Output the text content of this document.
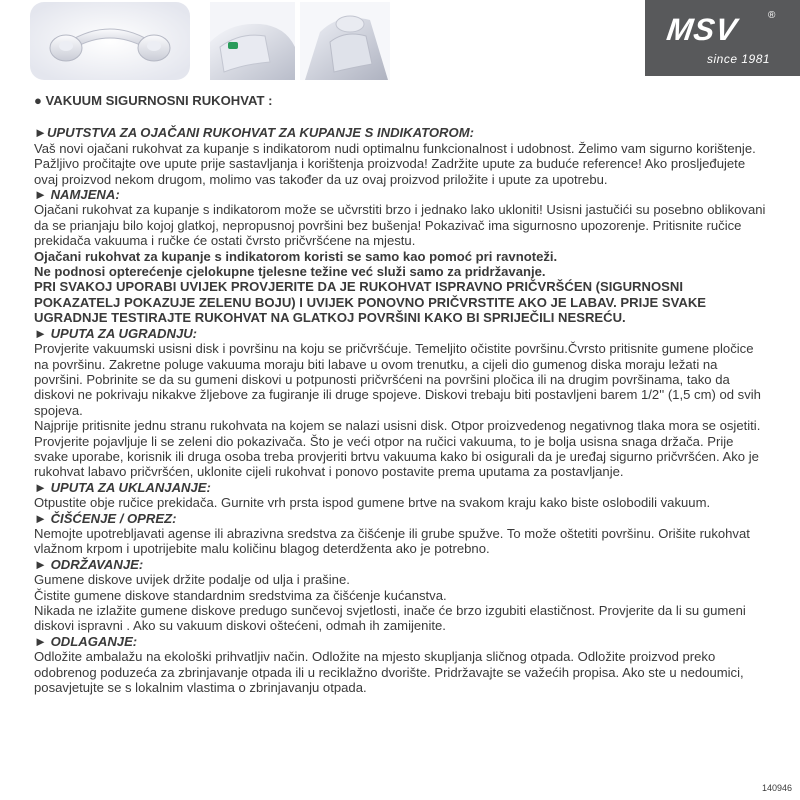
MSV	®
since 1981

● VAKUUM SIGURNOSNI RUKOHVAT :

►UPUTSTVA ZA OJAČANI RUKOHVAT ZA KUPANJE S INDIKATOROM:

Vaš novi ojačani rukohvat za kupanje s indikatorom nudi optimalnu funkcionalnost i udobnost. Želimo vam sigurno korištenje.

Pažljivo pročitajte ove upute prije sastavljanja i korištenja proizvoda! Zadržite upute za buduće reference! Ako prosljeđujete ovaj proizvod nekom drugom, molimo vas također da uz ovaj proizvod priložite i upute za upotrebu.

► NAMJENA:

Ojačani rukohvat za kupanje s indikatorom može se učvrstiti brzo i jednako lako ukloniti! Usisni jastučići su posebno oblikovani da se prianjaju bilo kojoj glatkoj, nepropusnoj površini bez bušenja! Pokazivač ima sigurnosno upozorenje. Pritisnite ručice prekidača vakuuma i ručke će ostati čvrsto pričvršćene na mjestu.

Ojačani rukohvat za kupanje s indikatorom koristi se samo kao pomoć pri ravnoteži.

Ne podnosi opterećenje cjelokupne tjelesne težine već služi samo za pridržavanje.

PRI SVAKOJ UPORABI UVIJEK PROVJERITE DA JE RUKOHVAT ISPRAVNO PRIČVRŠĆEN (SIGURNOSNI POKAZATELJ POKAZUJE ZELENU BOJU) I UVIJEK PONOVNO PRIČVRSTITE AKO JE LABAV. PRIJE SVAKE UGRADNJE TESTIRAJTE RUKOHVAT NA GLATKOJ POVRŠINI KAKO BI SPRIJEČILI NESREĆU.

► UPUTA ZA UGRADNJU:

Provjerite vakuumski usisni disk i površinu na koju se pričvršćuje. Temeljito očistite površinu.Čvrsto pritisnite gumene pločice na površinu. Zakretne poluge vakuuma moraju biti labave u ovom trenutku, a cijeli dio gumenog diska moraju ležati na površini. Pobrinite se da su gumeni diskovi u potpunosti pričvršćeni na površini pločica ili na drugim površinama, tako da diskovi ne pokrivaju nikakve žljebove za fugiranje ili druge spojeve. Diskovi trebaju biti postavljeni barem 1/2'' (1,5 cm) od svih spojeva.

Najprije pritisnite jednu stranu rukohvata na kojem se nalazi usisni disk. Otpor proizvedenog negativnog tlaka mora se osjetiti. Provjerite pojavljuje li se zeleni dio pokazivača. Što je veći otpor na ručici vakuuma, to je bolja usisna snaga držača. Prije svake uporabe, korisnik ili druga osoba treba provjeriti brtvu vakuuma kako bi osigurali da je uređaj sigurno pričvršćen. Ako je rukohvat labavo pričvršćen, uklonite cijeli rukohvat i ponovo postavite prema uputama za postavljanje.

► UPUTA ZA UKLANJANJE:

Otpustite obje ručice prekidača. Gurnite vrh prsta ispod gumene brtve na svakom kraju kako biste oslobodili vakuum.

► ČIŠĆENJE / OPREZ:

Nemojte upotrebljavati agense ili abrazivna sredstva za čišćenje ili grube spužve. To može oštetiti površinu. Orišite rukohvat vlažnom krpom i upotrijebite malu količinu blagog deterdženta ako je potrebno.

► ODRŽAVANJE:

Gumene diskove uvijek držite podalje od ulja i prašine.

Čistite gumene diskove standardnim sredstvima za čišćenje kućanstva.

Nikada ne izlažite gumene diskove predugo sunčevoj svjetlosti, inače će brzo izgubiti elastičnost. Provjerite da li su gumeni diskovi ispravni . Ako su vakuum diskovi oštećeni, odmah ih zamijenite.

► ODLAGANJE:

Odložite ambalažu na ekološki prihvatljiv način. Odložite na mjesto skupljanja sličnog otpada. Odložite proizvod preko odobrenog poduzeća za zbrinjavanje otpada ili u reciklažno dvorište. Pridržavajte se važećih propisa. Ako ste u nedoumici, posavjetujte se s lokalnim vlastima o zbrinjavanju otpada.

140946
